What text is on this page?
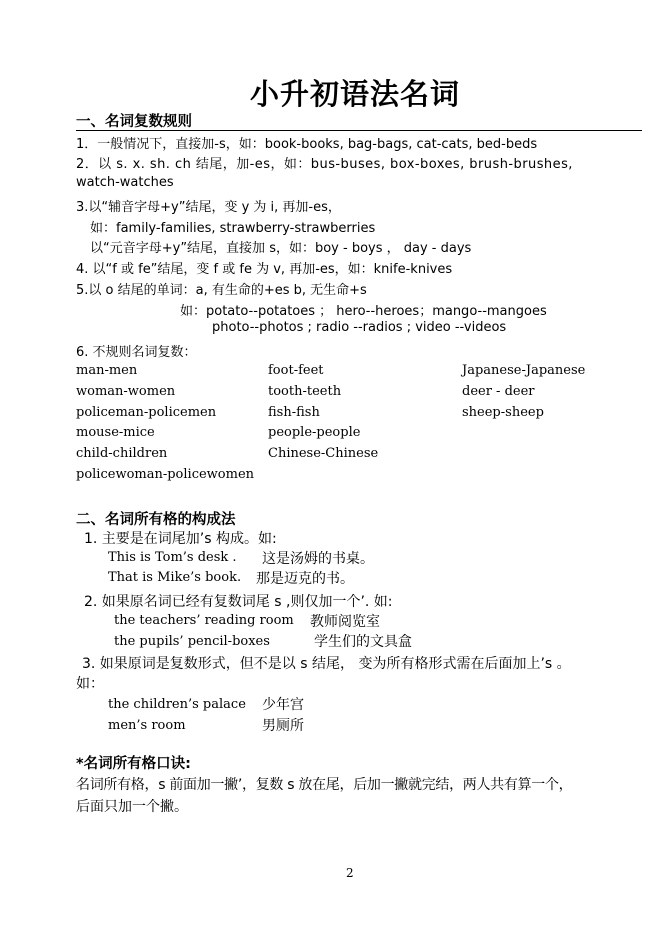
小升初语法名词
一、名词复数规则
1．一般情况下，直接加-s，如：book-books, bag-bags, cat-cats, bed-beds
2．以 s. x. sh. ch 结尾，加-es，如：bus-buses, box-boxes, brush-brushes,
watch-watches
3.以“辅音字母+y”结尾，变 y 为 i, 再加-es，
如：family-families, strawberry-strawberries
以“元音字母+y”结尾，直接加 s，如：boy - boys ， day - days
4. 以“f 或 fe”结尾，变 f 或 fe 为 v, 再加-es，如：knife-knives
5.以 o 结尾的单词：a, 有生命的+es b, 无生命+s
如：potato--potatoes ； hero--heroes；mango--mangoes
photo--photos ; radio --radios ; video --videos
6. 不规则名词复数：
man-men	foot-feet	Japanese-Japanese
woman-women	tooth-teeth	deer - deer
policeman-policemen	fish-fish	sheep-sheep
mouse-mice	people-people
child-children	Chinese-Chinese
policewoman-policewomen
二、名词所有格的构成法
1. 主要是在词尾加’s 构成。如:
This is Tom’s desk . 这是汤姆的书桌。
That is Mike’s book. 那是迈克的书。
2. 如果原名词已经有复数词尾 s ,则仅加一个’. 如:
the teachers’ reading room 教师阅览室
the pupils’ pencil-boxes	学生们的文具盒
3. 如果原词是复数形式，但不是以 s 结尾， 变为所有格形式需在后面加上’s 。
如：
the children’s palace 少年宫
men’s room	男厕所
*名词所有格口诀:
名词所有格，s 前面加一撇’，复数 s 放在尾，后加一撇就完结，两人共有算一个，
后面只加一个撇。
2
